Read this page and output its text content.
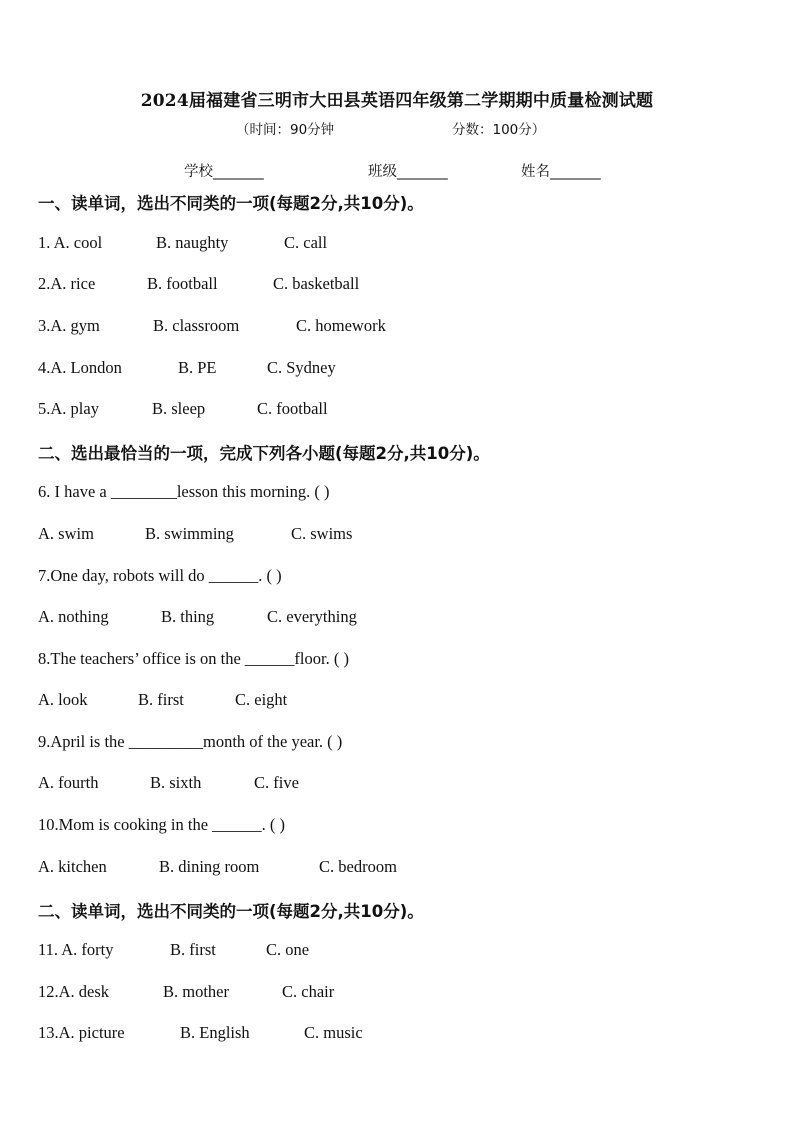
2024届福建省三明市大田县英语四年级第二学期期中质量检测试题
（时间：90分钟	分数：100分）
学校_______	班级_______	姓名_______
一、读单词，选出不同类的一项(每题2分,共10分)。
1. A. cool	B. naughty	C. call
2.A. rice	B. football	C. basketball
3.A. gym	B. classroom	C. homework
4.A. London	B. PE	C. Sydney
5.A. play	B. sleep	C. football
二、选出最恰当的一项，完成下列各小题(每题2分,共10分)。
6. I have a ________lesson this morning. ( )
A. swim	B. swimming	C. swims
7.One day, robots will do ______. ( )
A. nothing	B. thing	C. everything
8.The teachers’ office is on the ______floor. ( )
A. look	B. first	C. eight
9.April is the _________month of the year. ( )
A. fourth	B. sixth	C. five
10.Mom is cooking in the ______. ( )
A. kitchen	B. dining room	C. bedroom
二、读单词，选出不同类的一项(每题2分,共10分)。
11. A. forty	B. first	C. one
12.A. desk	B. mother	C. chair
13.A. picture	B. English	C. music
